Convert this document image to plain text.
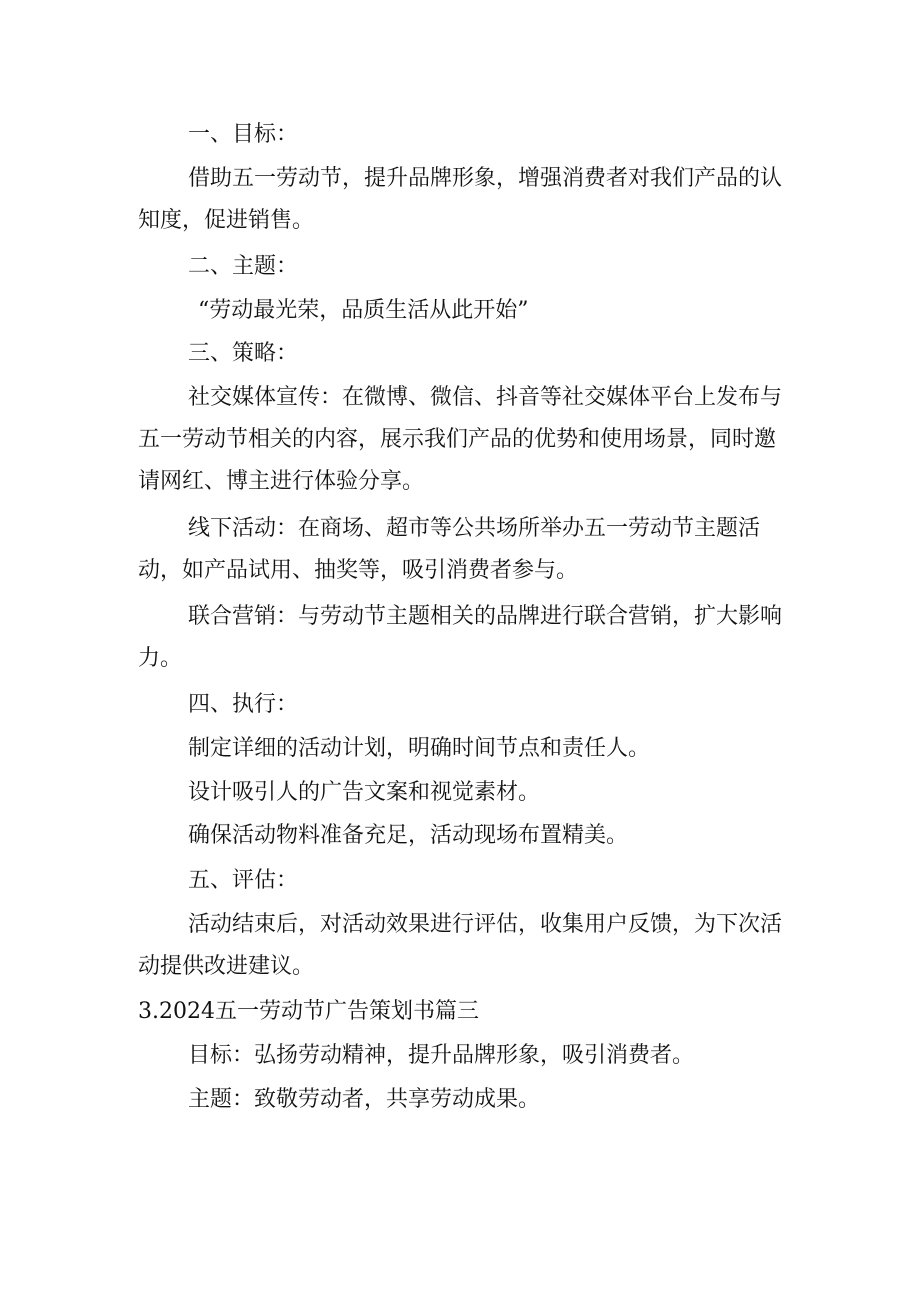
一、目标：

借助五一劳动节，提升品牌形象，增强消费者对我们产品的认知度，促进销售。

二、主题：

“劳动最光荣，品质生活从此开始”

三、策略：

社交媒体宣传：在微博、微信、抖音等社交媒体平台上发布与五一劳动节相关的内容，展示我们产品的优势和使用场景，同时邀请网红、博主进行体验分享。

线下活动：在商场、超市等公共场所举办五一劳动节主题活动，如产品试用、抽奖等，吸引消费者参与。

联合营销：与劳动节主题相关的品牌进行联合营销，扩大影响力。

四、执行：

制定详细的活动计划，明确时间节点和责任人。

设计吸引人的广告文案和视觉素材。

确保活动物料准备充足，活动现场布置精美。

五、评估：

活动结束后，对活动效果进行评估，收集用户反馈，为下次活动提供改进建议。

3.2024五一劳动节广告策划书篇三

目标：弘扬劳动精神，提升品牌形象，吸引消费者。

主题：致敬劳动者，共享劳动成果。
